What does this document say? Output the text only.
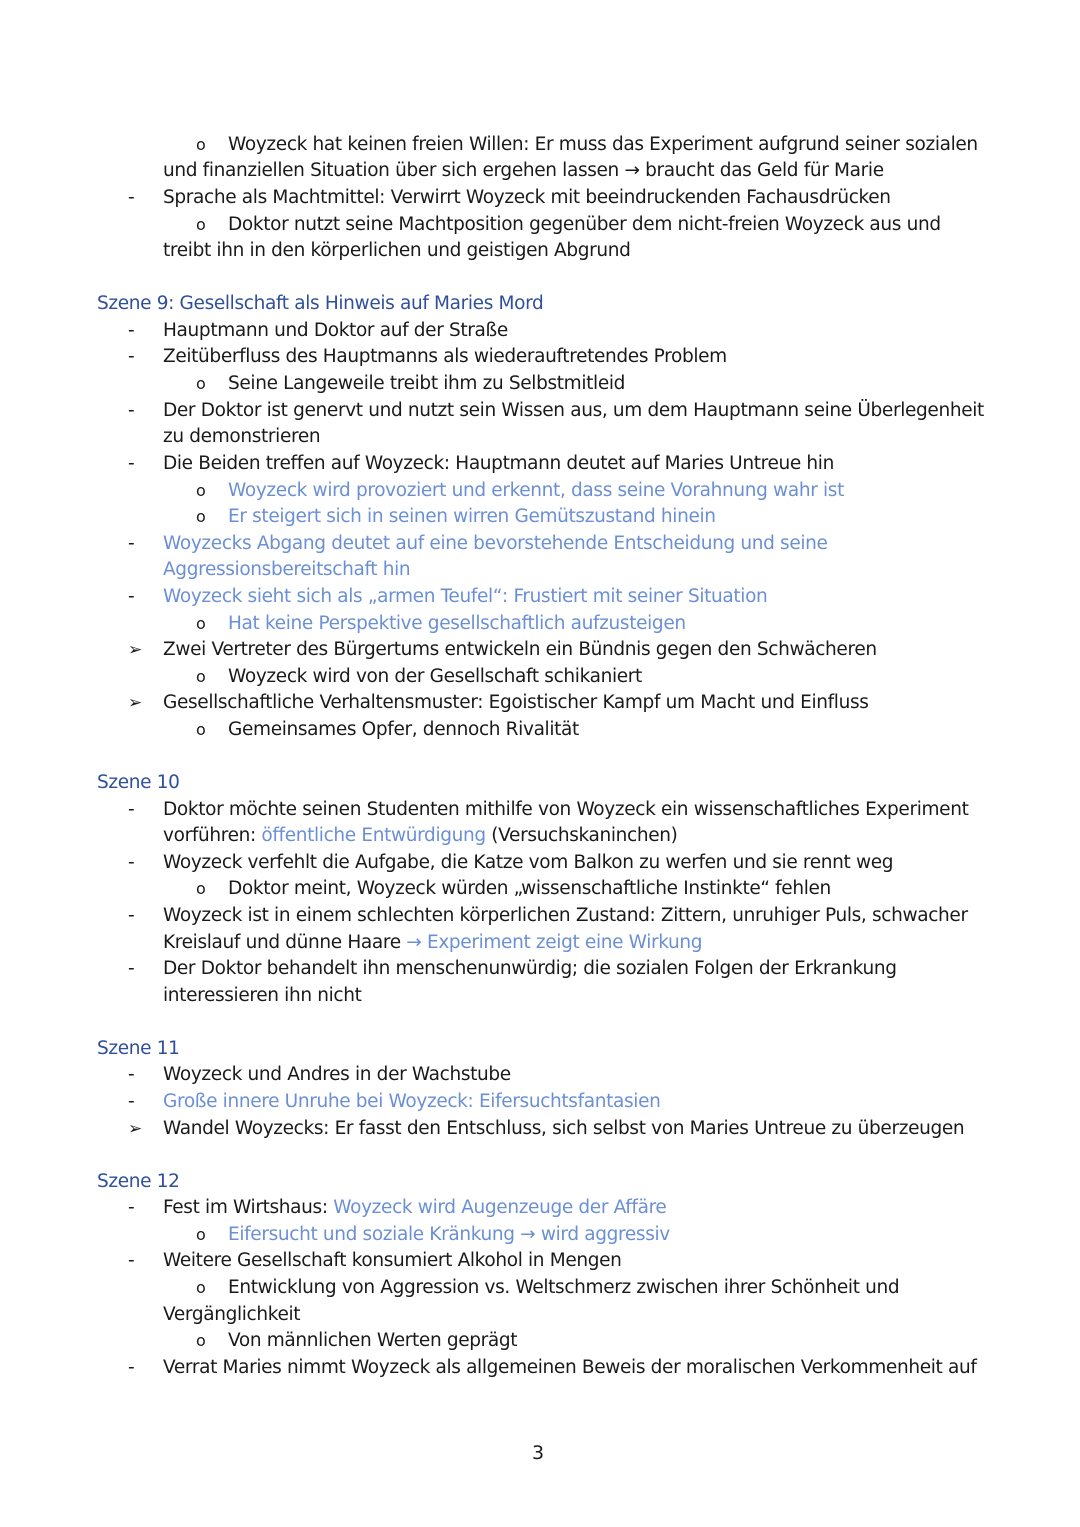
o Woyzeck hat keinen freien Willen: Er muss das Experiment aufgrund seiner sozialen
und finanziellen Situation über sich ergehen lassen → braucht das Geld für Marie
- Sprache als Machtmittel: Verwirrt Woyzeck mit beeindruckenden Fachausdrücken
o Doktor nutzt seine Machtposition gegenüber dem nicht-freien Woyzeck aus und
treibt ihn in den körperlichen und geistigen Abgrund
Szene 9: Gesellschaft als Hinweis auf Maries Mord
- Hauptmann und Doktor auf der Straße
- Zeitüberfluss des Hauptmanns als wiederauftretendes Problem
o Seine Langeweile treibt ihm zu Selbstmitleid
- Der Doktor ist genervt und nutzt sein Wissen aus, um dem Hauptmann seine Überlegenheit
zu demonstrieren
- Die Beiden treffen auf Woyzeck: Hauptmann deutet auf Maries Untreue hin
o Woyzeck wird provoziert und erkennt, dass seine Vorahnung wahr ist
o Er steigert sich in seinen wirren Gemütszustand hinein
- Woyzecks Abgang deutet auf eine bevorstehende Entscheidung und seine
Aggressionsbereitschaft hin
- Woyzeck sieht sich als „armen Teufel“: Frustiert mit seiner Situation
o Hat keine Perspektive gesellschaftlich aufzusteigen
➢ Zwei Vertreter des Bürgertums entwickeln ein Bündnis gegen den Schwächeren
o Woyzeck wird von der Gesellschaft schikaniert
➢ Gesellschaftliche Verhaltensmuster: Egoistischer Kampf um Macht und Einfluss
o Gemeinsames Opfer, dennoch Rivalität
Szene 10
- Doktor möchte seinen Studenten mithilfe von Woyzeck ein wissenschaftliches Experiment
vorführen: öffentliche Entwürdigung (Versuchskaninchen)
- Woyzeck verfehlt die Aufgabe, die Katze vom Balkon zu werfen und sie rennt weg
o Doktor meint, Woyzeck würden „wissenschaftliche Instinkte“ fehlen
- Woyzeck ist in einem schlechten körperlichen Zustand: Zittern, unruhiger Puls, schwacher
Kreislauf und dünne Haare → Experiment zeigt eine Wirkung
- Der Doktor behandelt ihn menschenunwürdig; die sozialen Folgen der Erkrankung
interessieren ihn nicht
Szene 11
- Woyzeck und Andres in der Wachstube
- Große innere Unruhe bei Woyzeck: Eifersuchtsfantasien
➢ Wandel Woyzecks: Er fasst den Entschluss, sich selbst von Maries Untreue zu überzeugen
Szene 12
- Fest im Wirtshaus: Woyzeck wird Augenzeuge der Affäre
o Eifersucht und soziale Kränkung → wird aggressiv
- Weitere Gesellschaft konsumiert Alkohol in Mengen
o Entwicklung von Aggression vs. Weltschmerz zwischen ihrer Schönheit und
Vergänglichkeit
o Von männlichen Werten geprägt
- Verrat Maries nimmt Woyzeck als allgemeinen Beweis der moralischen Verkommenheit auf
3
